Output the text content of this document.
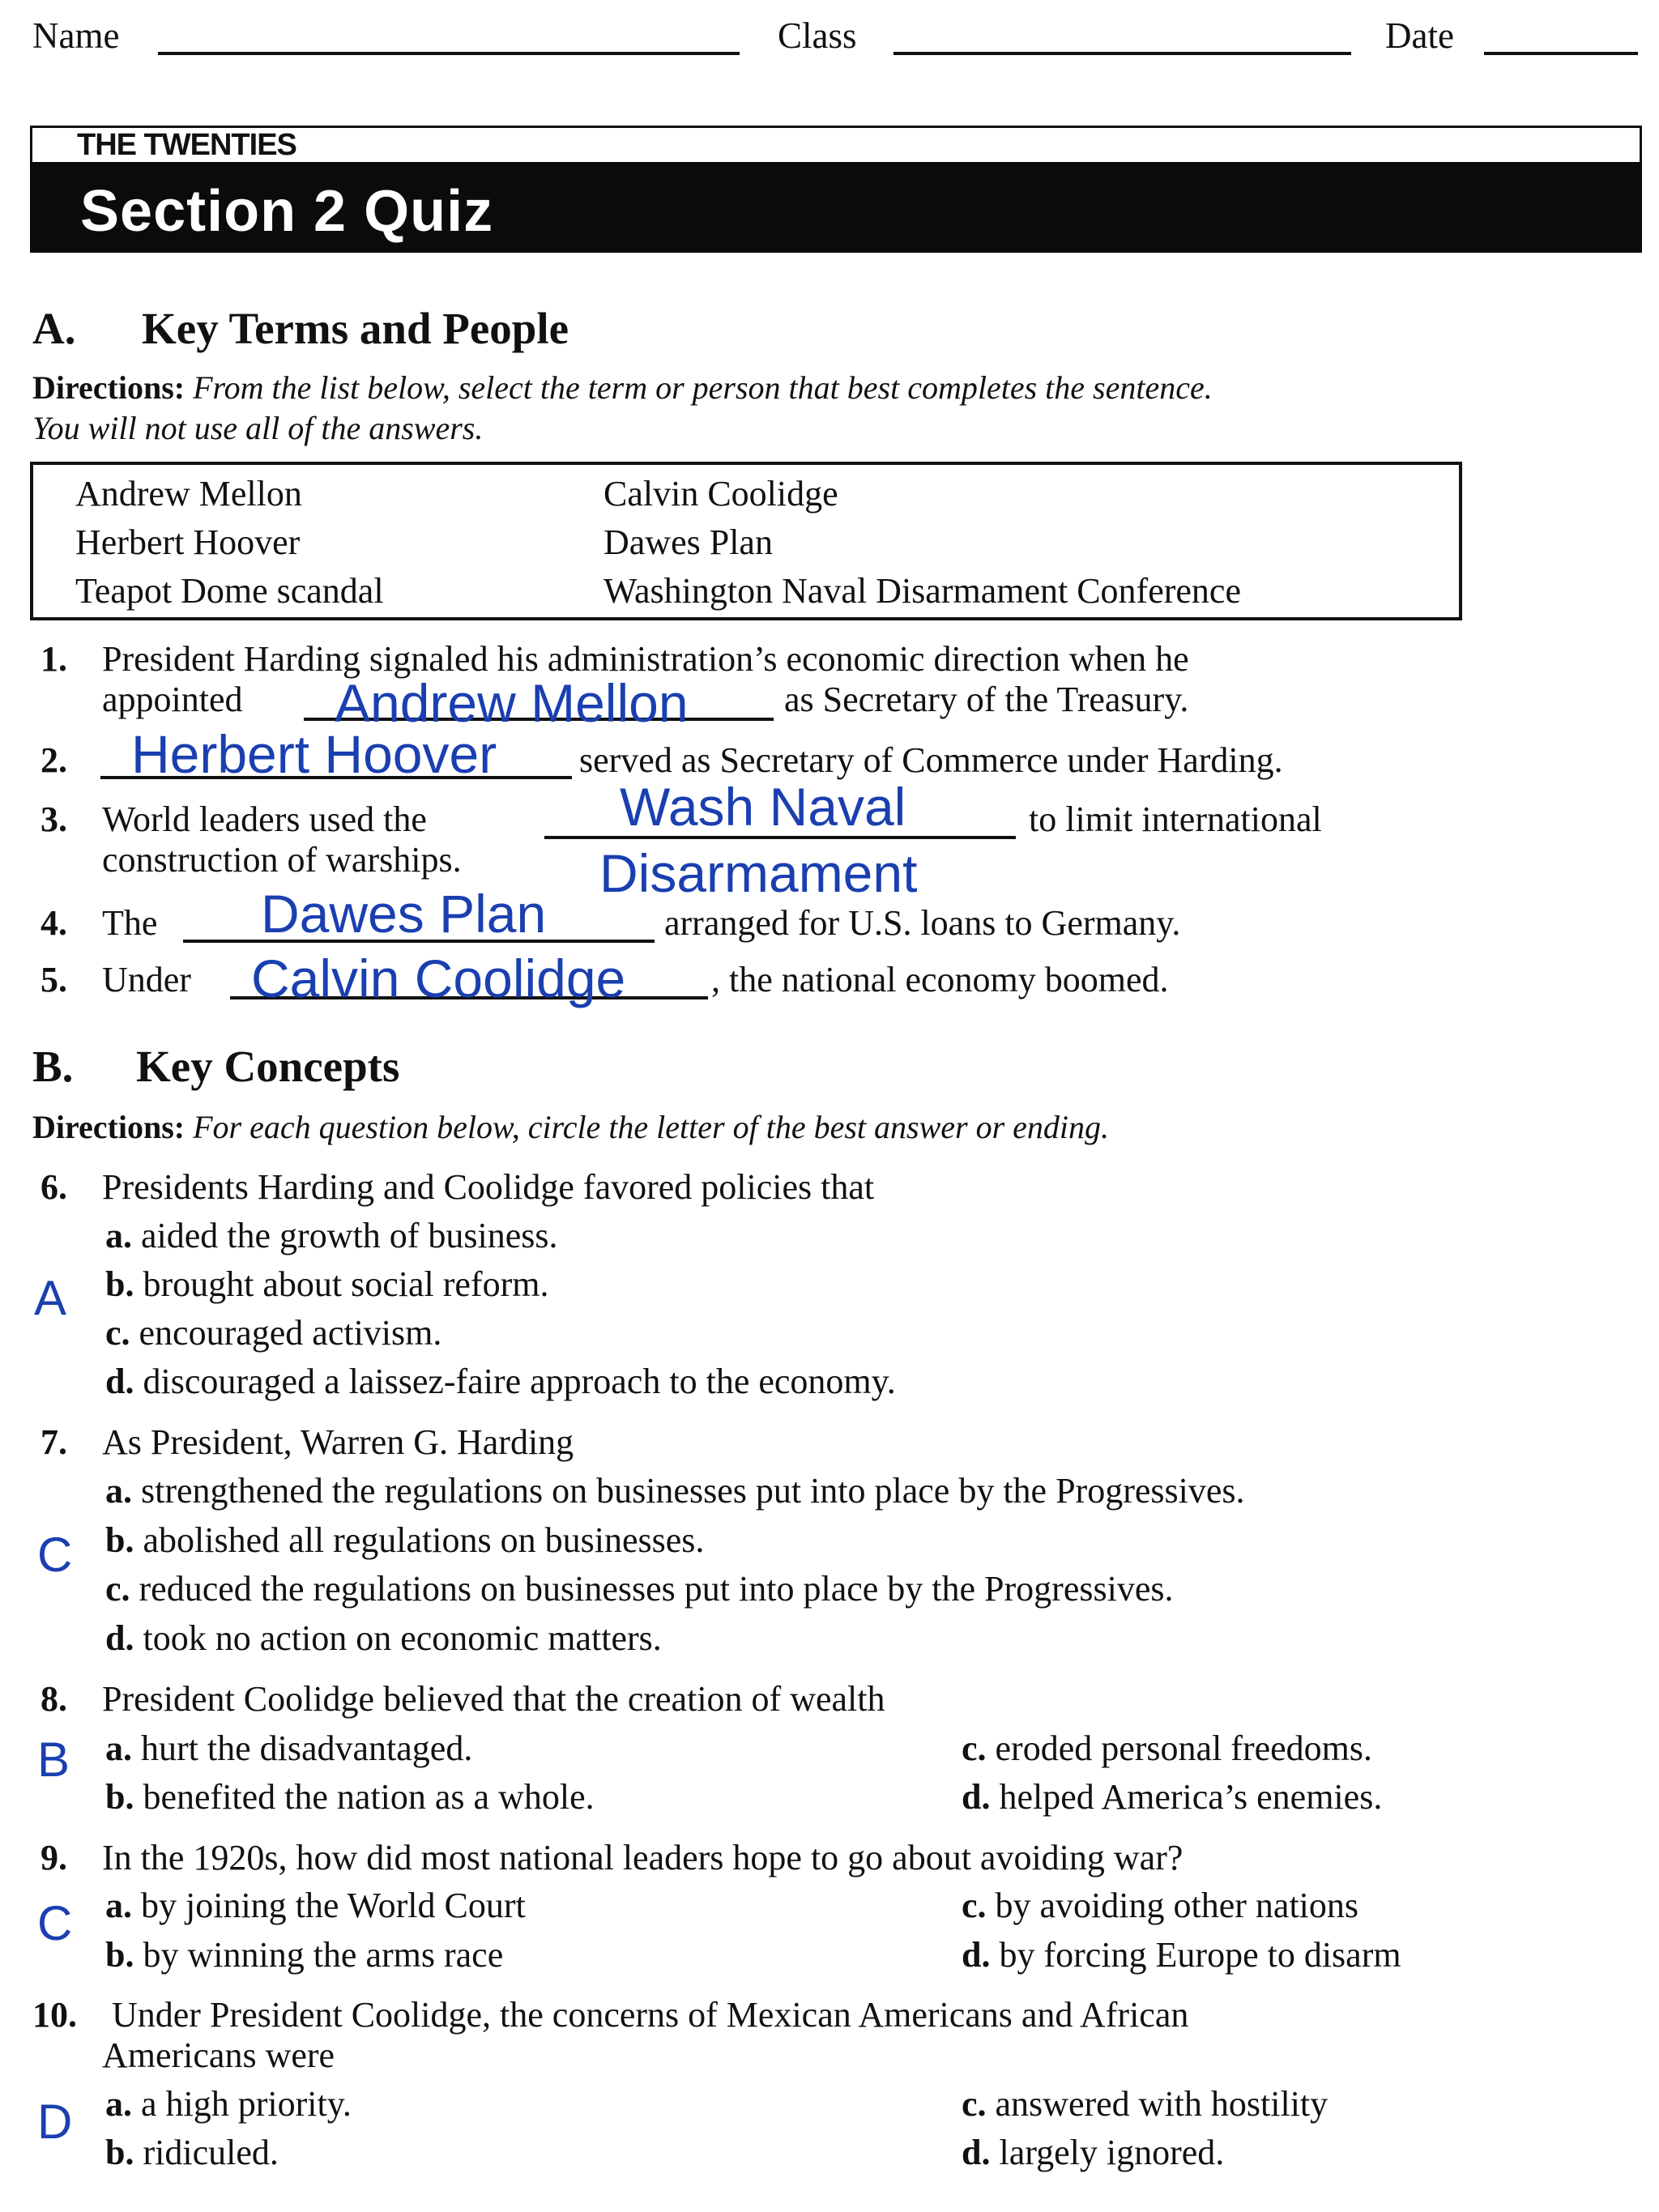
Name	Class	Date
THE TWENTIES
Section 2 Quiz
A. Key Terms and People
Directions: From the list below, select the term or person that best completes the sentence.
You will not use all of the answers.
Andrew Mellon	Calvin Coolidge
Herbert Hoover	Dawes Plan
Teapot Dome scandal	Washington Naval Disarmament Conference
1. President Harding signaled his administration’s economic direction when he
appointed	as Secretary of the Treasury.
Andrew Mellon
2.	served as Secretary of Commerce under Harding.
Herbert Hoover
3. World leaders used the	to limit international
construction of warships.
Wash Naval
Disarmament
4. The	arranged for U.S. loans to Germany.
Dawes Plan
5. Under	, the national economy boomed.
Calvin Coolidge
B. Key Concepts
Directions: For each question below, circle the letter of the best answer or ending.
6. Presidents Harding and Coolidge favored policies that
a. aided the growth of business.
b. brought about social reform.
c. encouraged activism.
d. discouraged a laissez-faire approach to the economy.
A
7. As President, Warren G. Harding
a. strengthened the regulations on businesses put into place by the Progressives.
b. abolished all regulations on businesses.
c. reduced the regulations on businesses put into place by the Progressives.
d. took no action on economic matters.
C
8. President Coolidge believed that the creation of wealth
a. hurt the disadvantaged.	c. eroded personal freedoms.
b. benefited the nation as a whole.	d. helped America’s enemies.
B
9. In the 1920s, how did most national leaders hope to go about avoiding war?
a. by joining the World Court	c. by avoiding other nations
b. by winning the arms race	d. by forcing Europe to disarm
C
10. Under President Coolidge, the concerns of Mexican Americans and African
Americans were
a. a high priority.	c. answered with hostility
b. ridiculed.	d. largely ignored.
D
